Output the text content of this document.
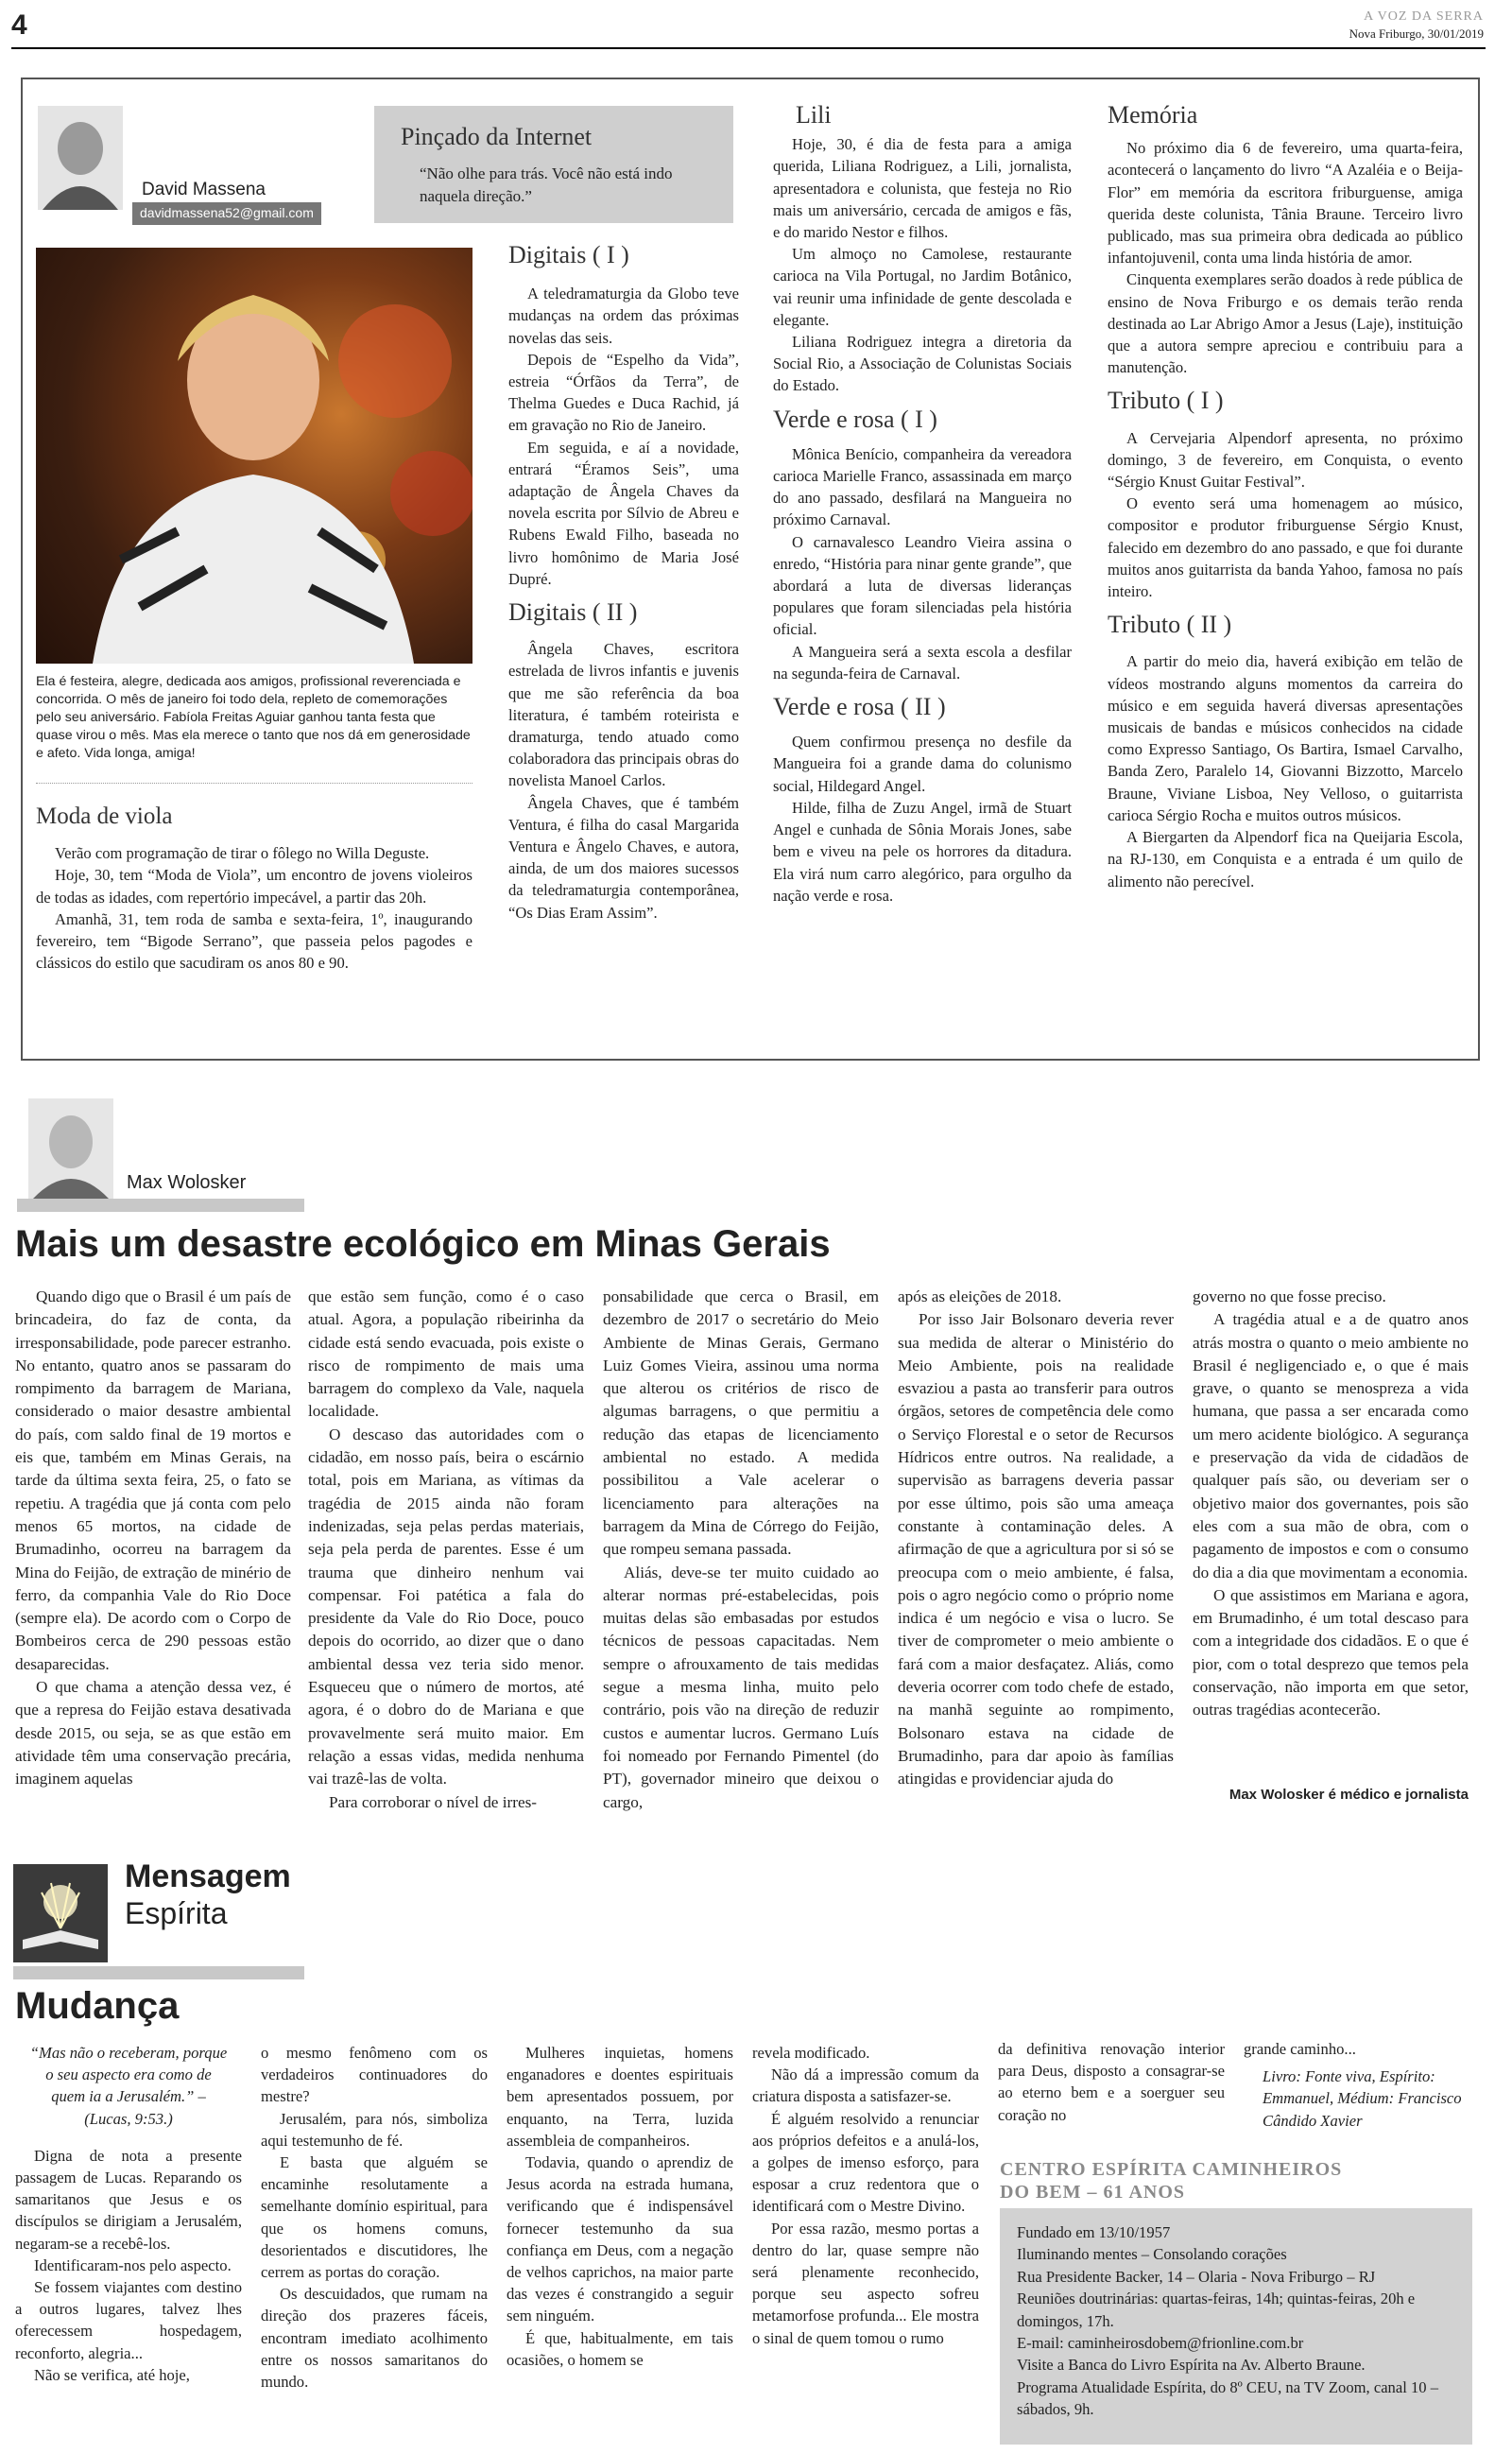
4	A VOZ DA SERRA
Nova Friburgo, 30/01/2019
David Massena
davidmassena52@gmail.com
Ela é festeira, alegre, dedicada aos amigos, profissional reverenciada e concorrida. O mês de janeiro foi todo dela, repleto de comemorações pelo seu aniversário. Fabíola Freitas Aguiar ganhou tanta festa que quase virou o mês. Mas ela merece o tanto que nos dá em generosidade e afeto. Vida longa, amiga!
Moda de viola

Verão com programação de tirar o fôlego no Willa Deguste.

Hoje, 30, tem “Moda de Viola”, um encontro de jovens violeiros de todas as idades, com repertório impecável, a partir das 20h.

Amanhã, 31, tem roda de samba e sexta-feira, 1º, inaugurando fevereiro, tem “Bigode Serrano”, que passeia pelos pagodes e clássicos do estilo que sacudiram os anos 80 e 90.

Pinçado da Internet
“Não olhe para trás. Você não está indo naquela direção.”
Digitais ( I )

A teledramaturgia da Globo teve mudanças na ordem das próximas novelas das seis.

Depois de “Espelho da Vida”, estreia “Órfãos da Terra”, de Thelma Guedes e Duca Rachid, já em gravação no Rio de Janeiro.

Em seguida, e aí a novidade, entrará “Éramos Seis”, uma adaptação de Ângela Chaves da novela escrita por Sílvio de Abreu e Rubens Ewald Filho, baseada no livro homônimo de Maria José Dupré.

Digitais ( II )

Ângela Chaves, escritora estrelada de livros infantis e juvenis que me são referência da boa literatura, é também roteirista e dramaturga, tendo atuado como colaboradora das principais obras do novelista Manoel Carlos.

Ângela Chaves, que é também Ventura, é filha do casal Margarida Ventura e Ângelo Chaves, e autora, ainda, de um dos maiores sucessos da teledramaturgia contemporânea, “Os Dias Eram Assim”.

Lili

Hoje, 30, é dia de festa para a amiga querida, Liliana Rodriguez, a Lili, jornalista, apresentadora e colunista, que festeja no Rio mais um aniversário, cercada de amigos e fãs, e do marido Nestor e filhos.

Um almoço no Camolese, restaurante carioca na Vila Portugal, no Jardim Botânico, vai reunir uma infinidade de gente descolada e elegante.

Liliana Rodriguez integra a diretoria da Social Rio, a Associação de Colunistas Sociais do Estado.

Verde e rosa ( I )

Mônica Benício, companheira da vereadora carioca Marielle Franco, assassinada em março do ano passado, desfilará na Mangueira no próximo Carnaval.

O carnavalesco Leandro Vieira assina o enredo, “História para ninar gente grande”, que abordará a luta de diversas lideranças populares que foram silenciadas pela história oficial.

A Mangueira será a sexta escola a desfilar na segunda-feira de Carnaval.

Verde e rosa ( II )

Quem confirmou presença no desfile da Mangueira foi a grande dama do colunismo social, Hildegard Angel.

Hilde, filha de Zuzu Angel, irmã de Stuart Angel e cunhada de Sônia Morais Jones, sabe bem e viveu na pele os horrores da ditadura. Ela virá num carro alegórico, para orgulho da nação verde e rosa.

Memória

No próximo dia 6 de fevereiro, uma quarta-feira, acontecerá o lançamento do livro “A Azaléia e o Beija-Flor” em memória da escritora friburguense, amiga querida deste colunista, Tânia Braune. Terceiro livro publicado, mas sua primeira obra dedicada ao público infantojuvenil, conta uma linda história de amor.

Cinquenta exemplares serão doados à rede pública de ensino de Nova Friburgo e os demais terão renda destinada ao Lar Abrigo Amor a Jesus (Laje), instituição que a autora sempre apreciou e contribuiu para a manutenção.

Tributo ( I )

A Cervejaria Alpendorf apresenta, no próximo domingo, 3 de fevereiro, em Conquista, o evento “Sérgio Knust Guitar Festival”.

O evento será uma homenagem ao músico, compositor e produtor friburguense Sérgio Knust, falecido em dezembro do ano passado, e que foi durante muitos anos guitarrista da banda Yahoo, famosa no país inteiro.

Tributo ( II )

A partir do meio dia, haverá exibição em telão de vídeos mostrando alguns momentos da carreira do músico e em seguida haverá diversas apresentações musicais de bandas e músicos conhecidos na cidade como Expresso Santiago, Os Bartira, Ismael Carvalho, Banda Zero, Paralelo 14, Giovanni Bizzotto, Marcelo Braune, Viviane Lisboa, Ney Velloso, o guitarrista carioca Sérgio Rocha e muitos outros músicos.

A Biergarten da Alpendorf fica na Queijaria Escola, na RJ-130, em Conquista e a entrada é um quilo de alimento não perecível.

Max Wolosker
Mais um desastre ecológico em Minas Gerais

Quando digo que o Brasil é um país de brincadeira, do faz de conta, da irresponsabilidade, pode parecer estranho. No entanto, quatro anos se passaram do rompimento da barragem de Mariana, considerado o maior desastre ambiental do país, com saldo final de 19 mortos e eis que, também em Minas Gerais, na tarde da última sexta feira, 25, o fato se repetiu. A tragédia que já conta com pelo menos 65 mortos, na cidade de Brumadinho, ocorreu na barragem da Mina do Feijão, de extração de minério de ferro, da companhia Vale do Rio Doce (sempre ela). De acordo com o Corpo de Bombeiros cerca de 290 pessoas estão desaparecidas.

O que chama a atenção dessa vez, é que a represa do Feijão estava desativada desde 2015, ou seja, se as que estão em atividade têm uma conservação precária, imaginem aquelas

que estão sem função, como é o caso atual. Agora, a população ribeirinha da cidade está sendo evacuada, pois existe o risco de rompimento de mais uma barragem do complexo da Vale, naquela localidade.

O descaso das autoridades com o cidadão, em nosso país, beira o escárnio total, pois em Mariana, as vítimas da tragédia de 2015 ainda não foram indenizadas, seja pelas perdas materiais, seja pela perda de parentes. Esse é um trauma que dinheiro nenhum vai compensar. Foi patética a fala do presidente da Vale do Rio Doce, pouco depois do ocorrido, ao dizer que o dano ambiental dessa vez teria sido menor. Esqueceu que o número de mortos, até agora, é o dobro do de Mariana e que provavelmente será muito maior. Em relação a essas vidas, medida nenhuma vai trazê-las de volta.

Para corroborar o nível de irres-

ponsabilidade que cerca o Brasil, em dezembro de 2017 o secretário do Meio Ambiente de Minas Gerais, Germano Luiz Gomes Vieira, assinou uma norma que alterou os critérios de risco de algumas barragens, o que permitiu a redução das etapas de licenciamento ambiental no estado. A medida possibilitou a Vale acelerar o licenciamento para alterações na barragem da Mina de Córrego do Feijão, que rompeu semana passada.

Aliás, deve-se ter muito cuidado ao alterar normas pré-estabelecidas, pois muitas delas são embasadas por estudos técnicos de pessoas capacitadas. Nem sempre o afrouxamento de tais medidas segue a mesma linha, muito pelo contrário, pois vão na direção de reduzir custos e aumentar lucros. Germano Luís foi nomeado por Fernando Pimentel (do PT), governador mineiro que deixou o cargo,

após as eleições de 2018.

Por isso Jair Bolsonaro deveria rever sua medida de alterar o Ministério do Meio Ambiente, pois na realidade esvaziou a pasta ao transferir para outros órgãos, setores de competência dele como o Serviço Florestal e o setor de Recursos Hídricos entre outros. Na realidade, a supervisão as barragens deveria passar por esse último, pois são uma ameaça constante à contaminação deles. A afirmação de que a agricultura por si só se preocupa com o meio ambiente, é falsa, pois o agro negócio como o próprio nome indica é um negócio e visa o lucro. Se tiver de comprometer o meio ambiente o fará com a maior desfaçatez. Aliás, como deveria ocorrer com todo chefe de estado, na manhã seguinte ao rompimento, Bolsonaro estava na cidade de Brumadinho, para dar apoio às famílias atingidas e providenciar ajuda do

governo no que fosse preciso.

A tragédia atual e a de quatro anos atrás mostra o quanto o meio ambiente no Brasil é negligenciado e, o que é mais grave, o quanto se menospreza a vida humana, que passa a ser encarada como um mero acidente biológico. A segurança e preservação da vida de cidadãos de qualquer país são, ou deveriam ser o objetivo maior dos governantes, pois são eles com a sua mão de obra, com o pagamento de impostos e com o consumo do dia a dia que movimentam a economia.

O que assistimos em Mariana e agora, em Brumadinho, é um total descaso para com a integridade dos cidadãos. E o que é pior, com o total desprezo que temos pela conservação, não importa em que setor, outras tragédias acontecerão.

Max Wolosker é médico e jornalista
Mensagem
Espírita
Mudança
“Mas não o receberam, porque o seu aspecto era como de quem ia a Jerusalém.” – (Lucas, 9:53.)

Digna de nota a presente passagem de Lucas. Reparando os samaritanos que Jesus e os discípulos se dirigiam a Jerusalém, negaram-se a recebê-los.

Identificaram-nos pelo aspecto.

Se fossem viajantes com destino a outros lugares, talvez lhes oferecessem hospedagem, reconforto, alegria...

Não se verifica, até hoje,

o mesmo fenômeno com os verdadeiros continuadores do mestre?

Jerusalém, para nós, simboliza aqui testemunho de fé.

E basta que alguém se encaminhe resolutamente a semelhante domínio espiritual, para que os homens comuns, desorientados e discutidores, lhe cerrem as portas do coração.

Os descuidados, que rumam na direção dos prazeres fáceis, encontram imediato acolhimento entre os nossos samaritanos do mundo.

Mulheres inquietas, homens enganadores e doentes espirituais bem apresentados possuem, por enquanto, na Terra, luzida assembleia de companheiros.

Todavia, quando o aprendiz de Jesus acorda na estrada humana, verificando que é indispensável fornecer testemunho da sua confiança em Deus, com a negação de velhos caprichos, na maior parte das vezes é constrangido a seguir sem ninguém.

É que, habitualmente, em tais ocasiões, o homem se

revela modificado.

Não dá a impressão comum da criatura disposta a satisfazer-se.

É alguém resolvido a renunciar aos próprios defeitos e a anulá-los, a golpes de imenso esforço, para esposar a cruz redentora que o identificará com o Mestre Divino.

Por essa razão, mesmo portas a dentro do lar, quase sempre não será plenamente reconhecido, porque seu aspecto sofreu metamorfose profunda... Ele mostra o sinal de quem tomou o rumo

da definitiva renovação interior para Deus, disposto a consagrar-se ao eterno bem e a soerguer seu coração no

grande caminho...

Livro: Fonte viva, Espírito: Emmanuel, Médium: Francisco Cândido Xavier
CENTRO ESPÍRITA CAMINHEIROS
DO BEM – 61 ANOS
Fundado em 13/10/1957
Iluminando mentes – Consolando corações
Rua Presidente Backer, 14 – Olaria - Nova Friburgo – RJ
Reuniões doutrinárias: quartas-feiras, 14h; quintas-feiras, 20h e domingos, 17h.
E-mail: caminheirosdobem@frionline.com.br
Visite a Banca do Livro Espírita na Av. Alberto Braune.
Programa Atualidade Espírita, do 8º CEU, na TV Zoom, canal 10 – sábados, 9h.
